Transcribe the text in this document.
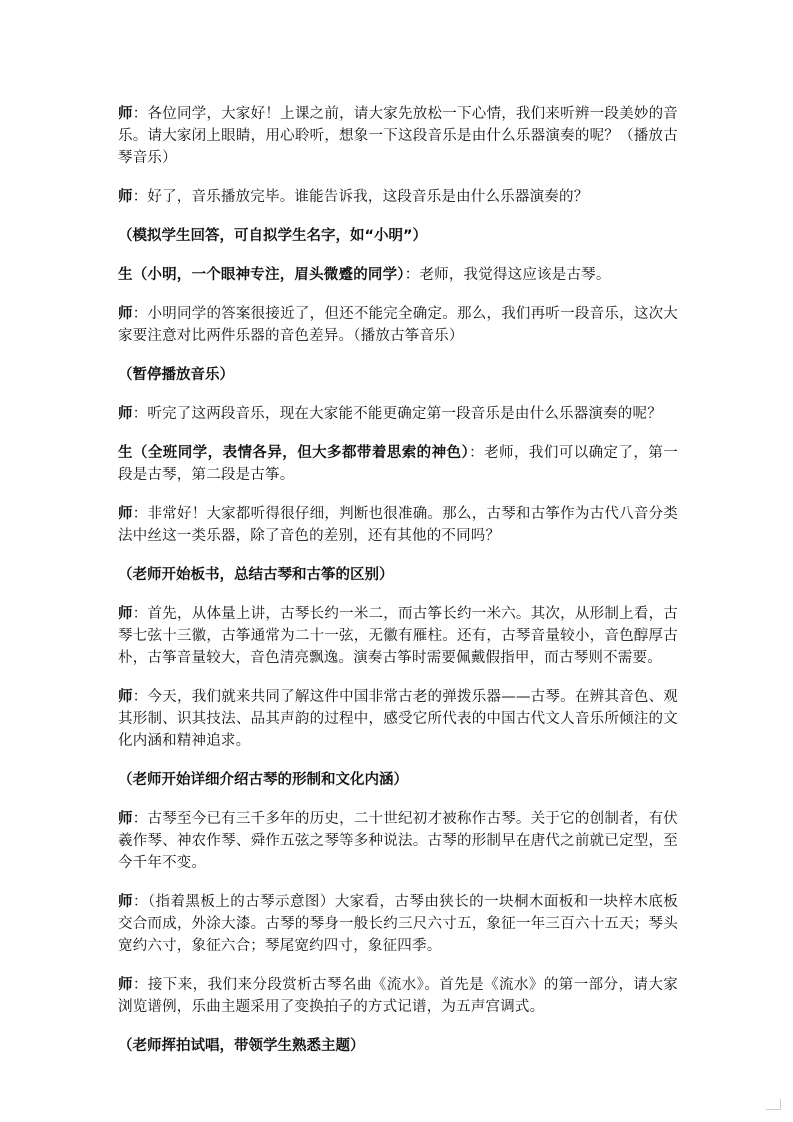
师：各位同学，大家好！上课之前，请大家先放松一下心情，我们来听辨一段美妙的音乐。请大家闭上眼睛，用心聆听，想象一下这段音乐是由什么乐器演奏的呢？（播放古琴音乐）

师：好了，音乐播放完毕。谁能告诉我，这段音乐是由什么乐器演奏的？

（模拟学生回答，可自拟学生名字，如“小明”）

生（小明，一个眼神专注，眉头微蹙的同学）：老师，我觉得这应该是古琴。

师：小明同学的答案很接近了，但还不能完全确定。那么，我们再听一段音乐，这次大家要注意对比两件乐器的音色差异。（播放古筝音乐）

（暂停播放音乐）

师：听完了这两段音乐，现在大家能不能更确定第一段音乐是由什么乐器演奏的呢？

生（全班同学，表情各异，但大多都带着思索的神色）：老师，我们可以确定了，第一段是古琴，第二段是古筝。

师：非常好！大家都听得很仔细，判断也很准确。那么，古琴和古筝作为古代八音分类法中丝这一类乐器，除了音色的差别，还有其他的不同吗？

（老师开始板书，总结古琴和古筝的区别）

师：首先，从体量上讲，古琴长约一米二，而古筝长约一米六。其次，从形制上看，古琴七弦十三徽，古筝通常为二十一弦，无徽有雁柱。还有，古琴音量较小，音色醇厚古朴，古筝音量较大，音色清亮飘逸。演奏古筝时需要佩戴假指甲，而古琴则不需要。

师：今天，我们就来共同了解这件中国非常古老的弹拨乐器——古琴。在辨其音色、观其形制、识其技法、品其声韵的过程中，感受它所代表的中国古代文人音乐所倾注的文化内涵和精神追求。

（老师开始详细介绍古琴的形制和文化内涵）

师：古琴至今已有三千多年的历史，二十世纪初才被称作古琴。关于它的创制者，有伏羲作琴、神农作琴、舜作五弦之琴等多种说法。古琴的形制早在唐代之前就已定型，至今千年不变。

师：（指着黑板上的古琴示意图）大家看，古琴由狭长的一块桐木面板和一块梓木底板交合而成，外涂大漆。古琴的琴身一般长约三尺六寸五，象征一年三百六十五天；琴头宽约六寸，象征六合；琴尾宽约四寸，象征四季。

师：接下来，我们来分段赏析古琴名曲《流水》。首先是《流水》的第一部分，请大家浏览谱例，乐曲主题采用了变换拍子的方式记谱，为五声宫调式。

（老师挥拍试唱，带领学生熟悉主题）
